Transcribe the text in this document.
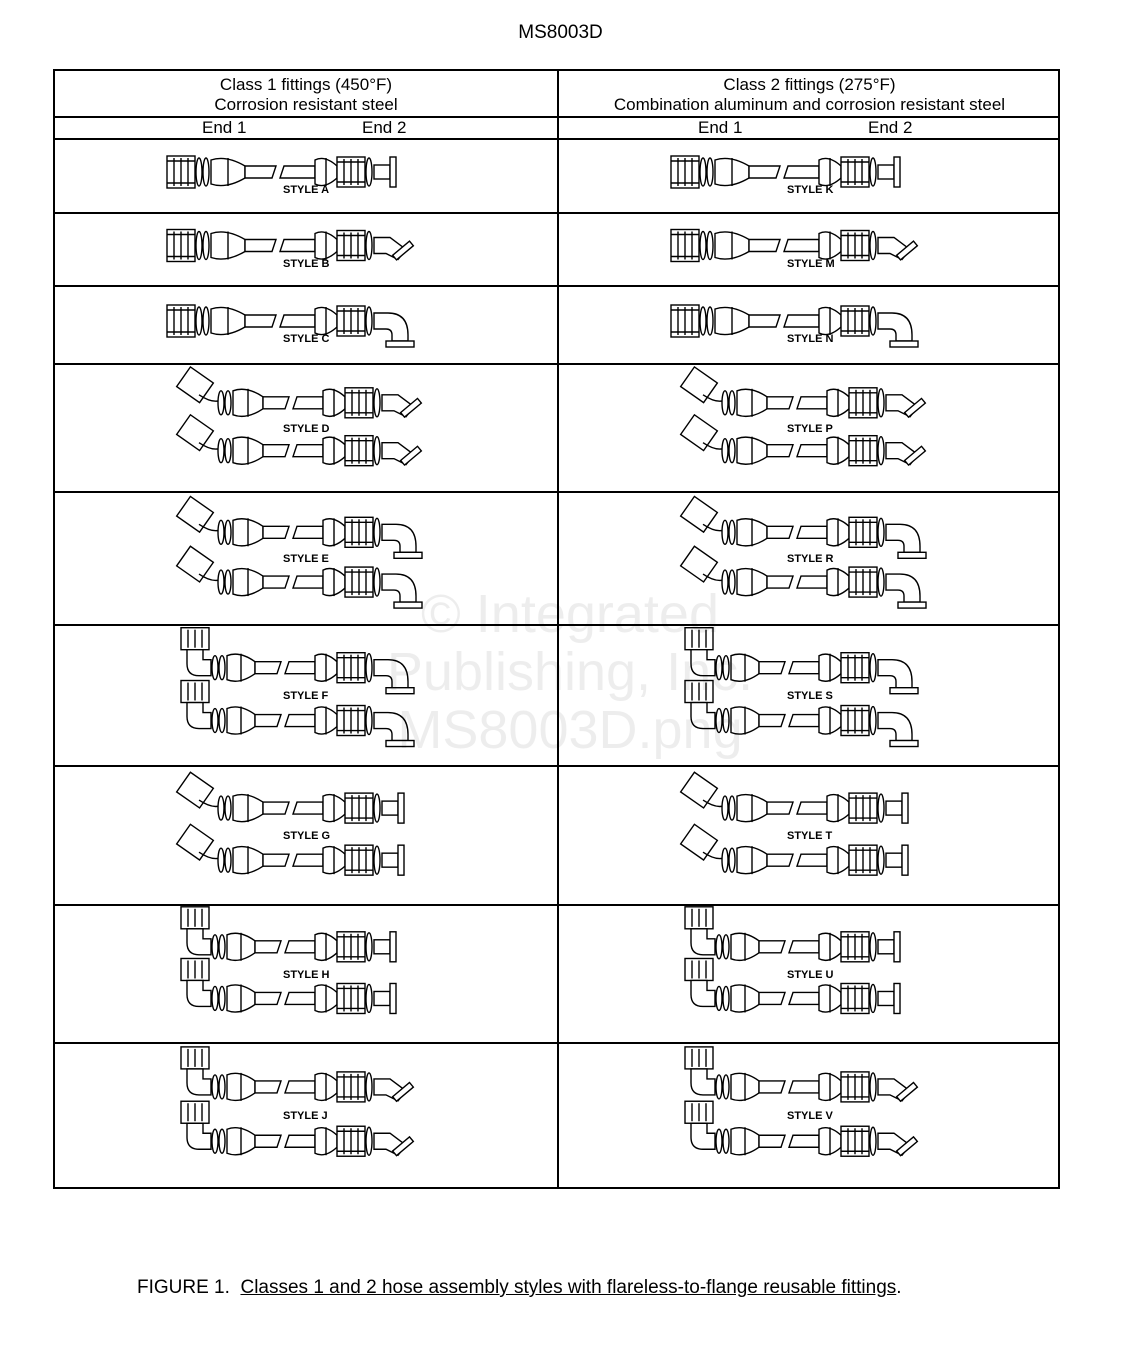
MS8003D
Class 1 fittings (450°F)
Corrosion resistant steel
Class 2 fittings (275°F)
Combination aluminum and corrosion resistant steel
End 1	End 2	End 1	End 2
STYLE A	STYLE K
STYLE B	STYLE M
STYLE C	STYLE N
STYLE D	STYLE P
STYLE E	STYLE R
STYLE F	STYLE S
STYLE G	STYLE T
STYLE H	STYLE U
STYLE J	STYLE V
© Integrated
Publishing, Inc.
MS8003D.png
FIGURE 1. Classes 1 and 2 hose assembly styles with flareless-to-flange reusable fittings.
